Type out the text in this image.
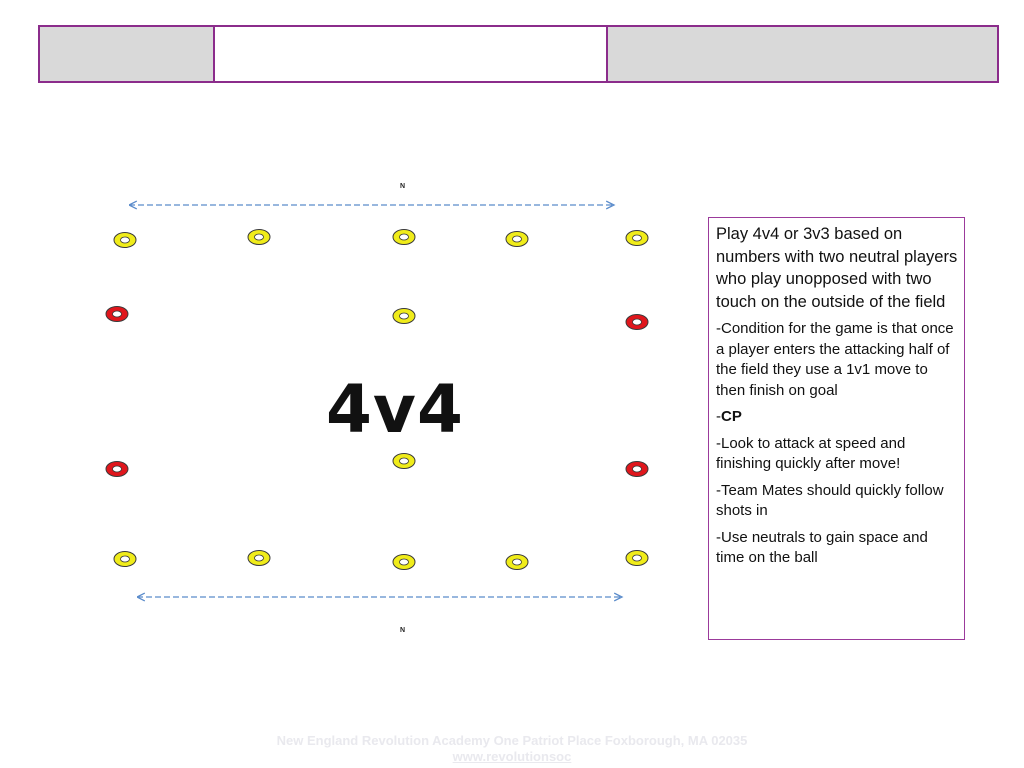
N
N
4v4

Play 4v4 or 3v3 based on numbers with two neutral players who play unopposed with two touch on the outside of the field

-Condition for the game is that once a player enters the attacking half of the field they use a 1v1 move to then finish on goal

-CP

-Look to attack at speed and finishing quickly after move!

-Team Mates should quickly follow shots in

-Use neutrals to gain space and time on the ball

New England Revolution Academy One Patriot Place Foxborough, MA 02035
www.revolutionsoc
